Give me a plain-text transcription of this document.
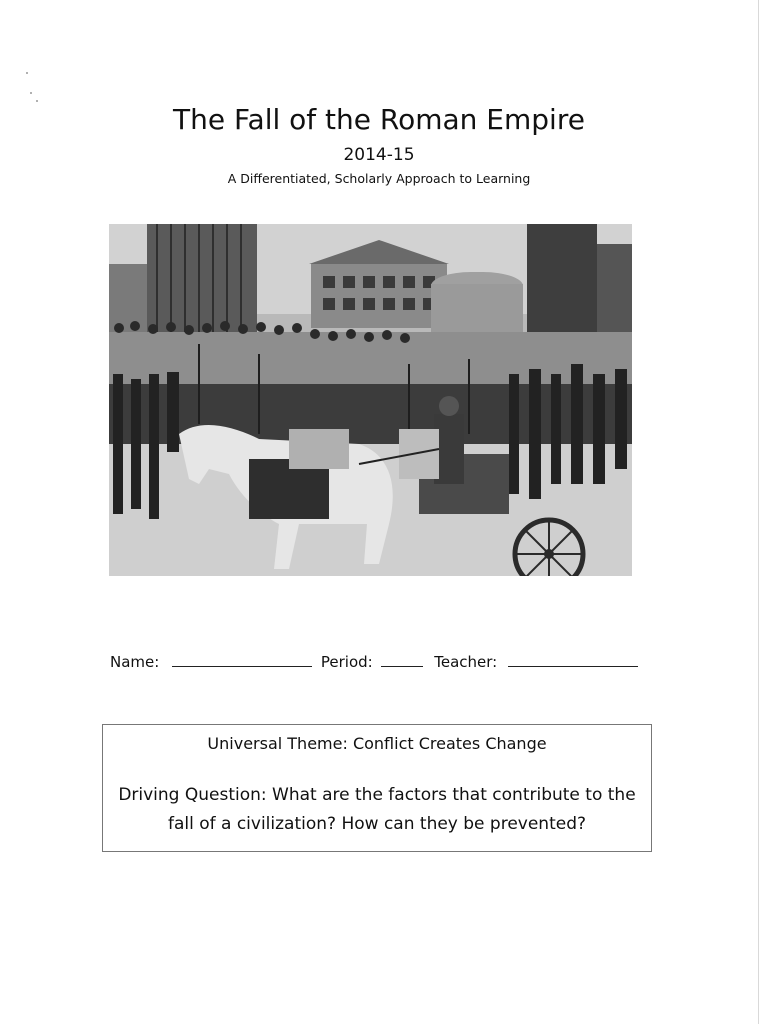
The Fall of the Roman Empire
2014-15
A Differentiated, Scholarly Approach to Learning
Name:	Period:	Teacher:
Universal Theme: Conflict Creates Change
Driving Question: What are the factors that contribute to the fall of a civilization? How can they be prevented?
